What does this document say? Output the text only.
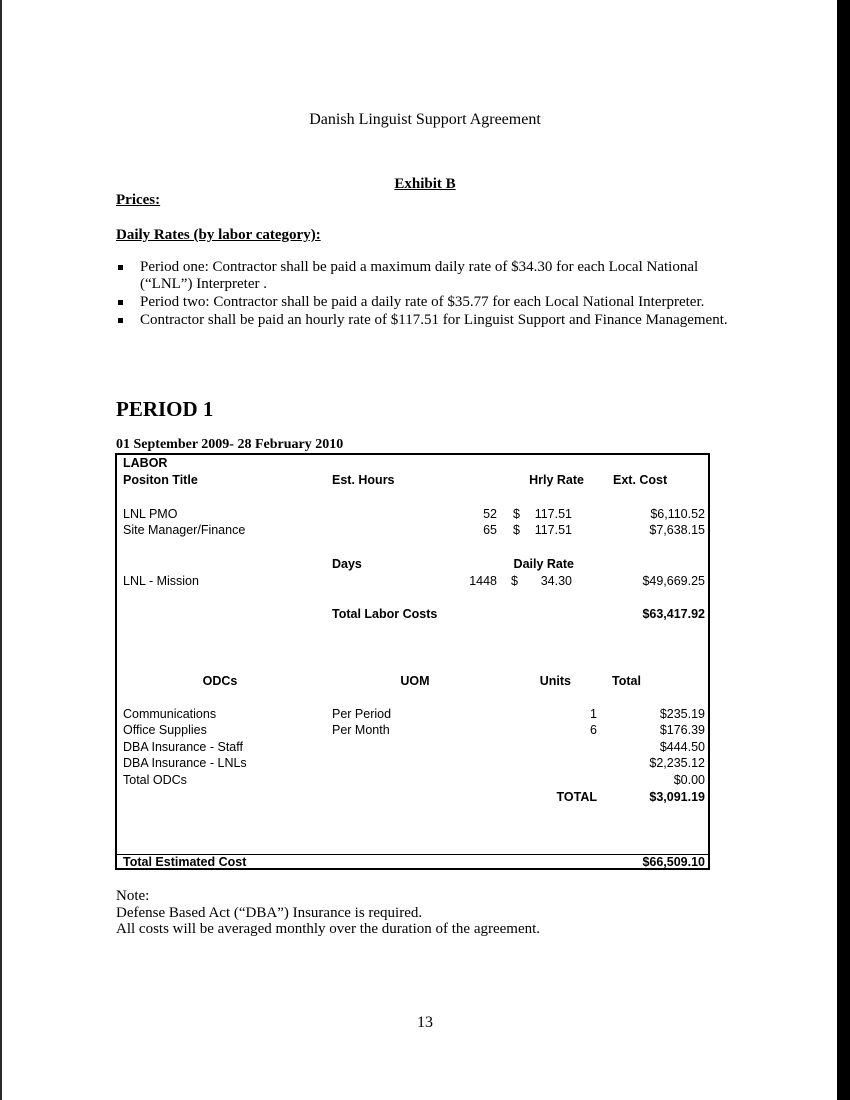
Danish Linguist Support Agreement
Exhibit B
Prices:
Daily Rates (by labor category):
Period one: Contractor shall be paid a maximum daily rate of $34.30 for each Local National (“LNL”) Interpreter .
Period two: Contractor shall be paid a daily rate of $35.77 for each Local National Interpreter.
Contractor shall be paid an hourly rate of $117.51 for Linguist Support and Finance Management.
PERIOD 1
01 September 2009- 28 February 2010
LABOR
Positon Title	Est. Hours	Hrly Rate Ext. Cost
LNL PMO	52 $	117.51	$6,110.52
Site Manager/Finance	65 $	117.51	$7,638.15
Days	Daily Rate
LNL - Mission	1448 $	34.30	$49,669.25
Total Labor Costs	$63,417.92
ODCs	UOM	Units	Total
Communications	Per Period	1	$235.19
Office Supplies	Per Month	6	$176.39
DBA Insurance - Staff	$444.50
DBA Insurance - LNLs	$2,235.12
Total ODCs	$0.00
TOTAL	$3,091.19
Total Estimated Cost	$66,509.10
Note:
Defense Based Act (“DBA”) Insurance is required.
All costs will be averaged monthly over the duration of the agreement.
13
